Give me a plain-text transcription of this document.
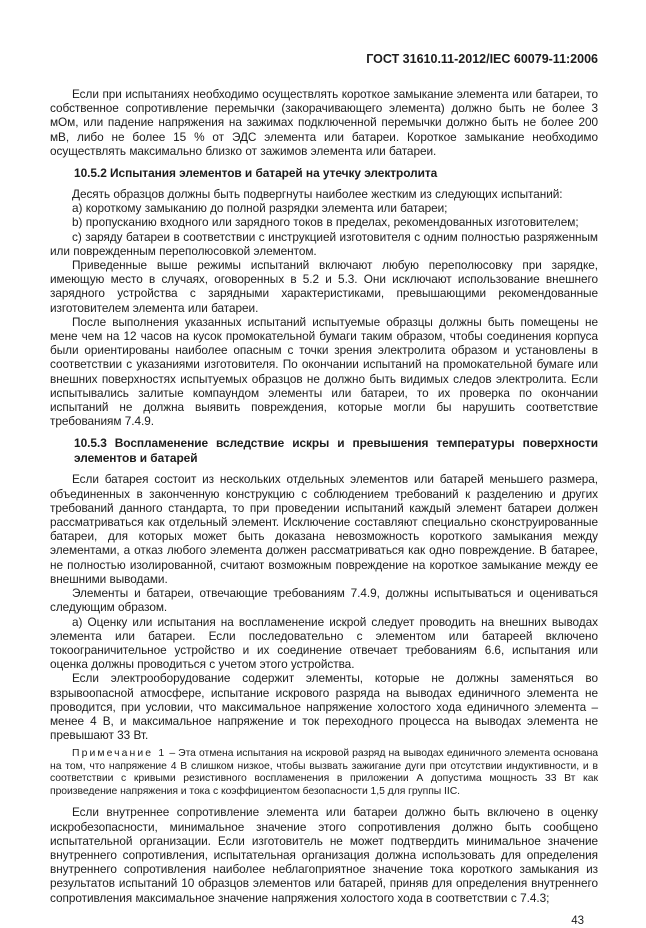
ГОСТ 31610.11-2012/IEC 60079-11:2006

Если при испытаниях необходимо осуществлять короткое замыкание элемента или батареи, то собственное сопротивление перемычки (закорачивающего элемента) должно быть не более 3 мОм, или падение напряжения на зажимах подключенной перемычки должно быть не более 200 мВ, либо не более 15 % от ЭДС элемента или батареи. Короткое замыкание необходимо осуществлять максимально близко от зажимов элемента или батареи.

10.5.2 Испытания элементов и батарей на утечку электролита

Десять образцов должны быть подвергнуты наиболее жестким из следующих испытаний:

a) короткому замыканию до полной разрядки элемента или батареи;

b) пропусканию входного или зарядного токов в пределах, рекомендованных изготовителем;

c) заряду батареи в соответствии с инструкцией изготовителя с одним полностью разряженным или поврежденным переполюсовкой элементом.

Приведенные выше режимы испытаний включают любую переполюсовку при зарядке, имеющую место в случаях, оговоренных в 5.2 и 5.3. Они исключают использование внешнего зарядного устройства с зарядными характеристиками, превышающими рекомендованные изготовителем элемента или батареи.

После выполнения указанных испытаний испытуемые образцы должны быть помещены не мене чем на 12 часов на кусок промокательной бумаги таким образом, чтобы соединения корпуса были ориентированы наиболее опасным с точки зрения электролита образом и установлены в соответствии с указаниями изготовителя. По окончании испытаний на промокательной бумаге или внешних поверхностях испытуемых образцов не должно быть видимых следов электролита. Если испытывались залитые компаундом элементы или батареи, то их проверка по окончании испытаний не должна выявить повреждения, которые могли бы нарушить соответствие требованиям 7.4.9.

10.5.3 Воспламенение вследствие искры и превышения температуры поверхности элементов и батарей

Если батарея состоит из нескольких отдельных элементов или батарей меньшего размера, объединенных в законченную конструкцию с соблюдением требований к разделению и других требований данного стандарта, то при проведении испытаний каждый элемент батареи должен рассматриваться как отдельный элемент. Исключение составляют специально сконструированные батареи, для которых может быть доказана невозможность короткого замыкания между элементами, а отказ любого элемента должен рассматриваться как одно повреждение. В батарее, не полностью изолированной, считают возможным повреждение на короткое замыкание между ее внешними выводами.

Элементы и батареи, отвечающие требованиям 7.4.9, должны испытываться и оцениваться следующим образом.

a) Оценку или испытания на воспламенение искрой следует проводить на внешних выводах элемента или батареи. Если последовательно с элементом или батареей включено токоограничительное устройство и их соединение отвечает требованиям 6.6, испытания или оценка должны проводиться с учетом этого устройства.

Если электрооборудование содержит элементы, которые не должны заменяться во взрывоопасной атмосфере, испытание искрового разряда на выводах единичного элемента не проводится, при условии, что максимальное напряжение холостого хода единичного элемента – менее 4 В, и максимальное напряжение и ток переходного процесса на выводах элемента не превышают 33 Вт.

Примечание 1 – Эта отмена испытания на искровой разряд на выводах единичного элемента основана на том, что напряжение 4 В слишком низкое, чтобы вызвать зажигание дуги при отсутствии индуктивности, и в соответствии с кривыми резистивного воспламенения в приложении А допустима мощность 33 Вт как произведение напряжения и тока с коэффициентом безопасности 1,5 для группы IIC.

Если внутреннее сопротивление элемента или батареи должно быть включено в оценку искробезопасности, минимальное значение этого сопротивления должно быть сообщено испытательной организации. Если изготовитель не может подтвердить минимальное значение внутреннего сопротивления, испытательная организация должна использовать для определения внутреннего сопротивления наиболее неблагоприятное значение тока короткого замыкания из результатов испытаний 10 образцов элементов или батарей, приняв для определения внутреннего сопротивления максимальное значение напряжения холостого хода в соответствии с 7.4.3;

43
